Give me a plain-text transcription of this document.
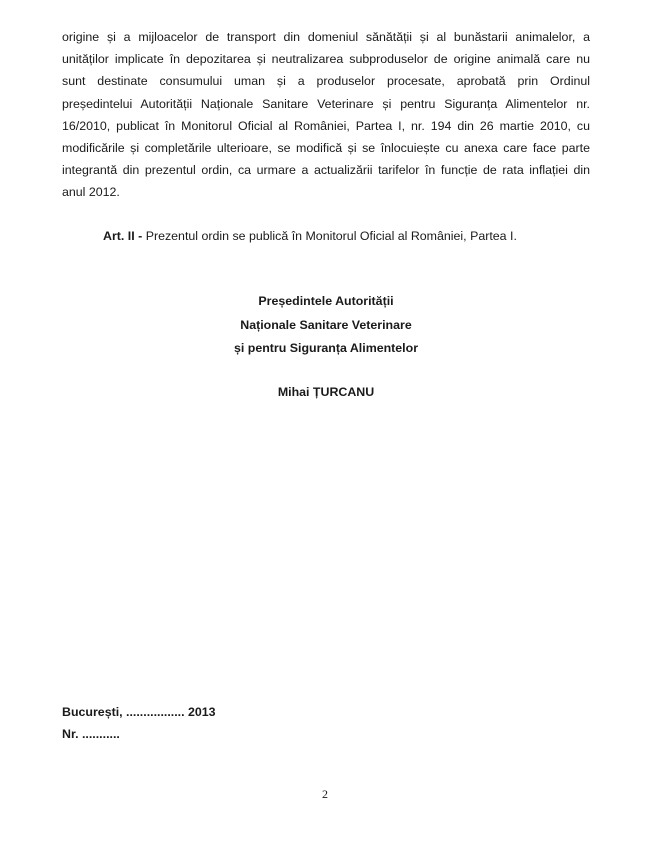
origine și a mijloacelor de transport din domeniul sănătății și al bunăstarii animalelor, a
unităților implicate în depozitarea și neutralizarea subproduselor de origine animală care nu
sunt destinate consumului uman și a produselor procesate, aprobată prin Ordinul
președintelui Autorității Naționale Sanitare Veterinare și pentru Siguranța Alimentelor nr.
16/2010, publicat în Monitorul Oficial al României, Partea I, nr. 194 din 26 martie 2010, cu
modificările și completările ulterioare, se modifică și se înlocuiește cu anexa care face parte
integrantă din prezentul ordin, ca urmare a actualizării tarifelor în funcție de rata inflației din
anul 2012.
Art. II - Prezentul ordin se publică în Monitorul Oficial al României, Partea I.
Președintele Autorității
Naționale Sanitare Veterinare
și pentru Siguranța Alimentelor
Mihai ȚURCANU
București, ................. 2013
Nr. ...........
2
